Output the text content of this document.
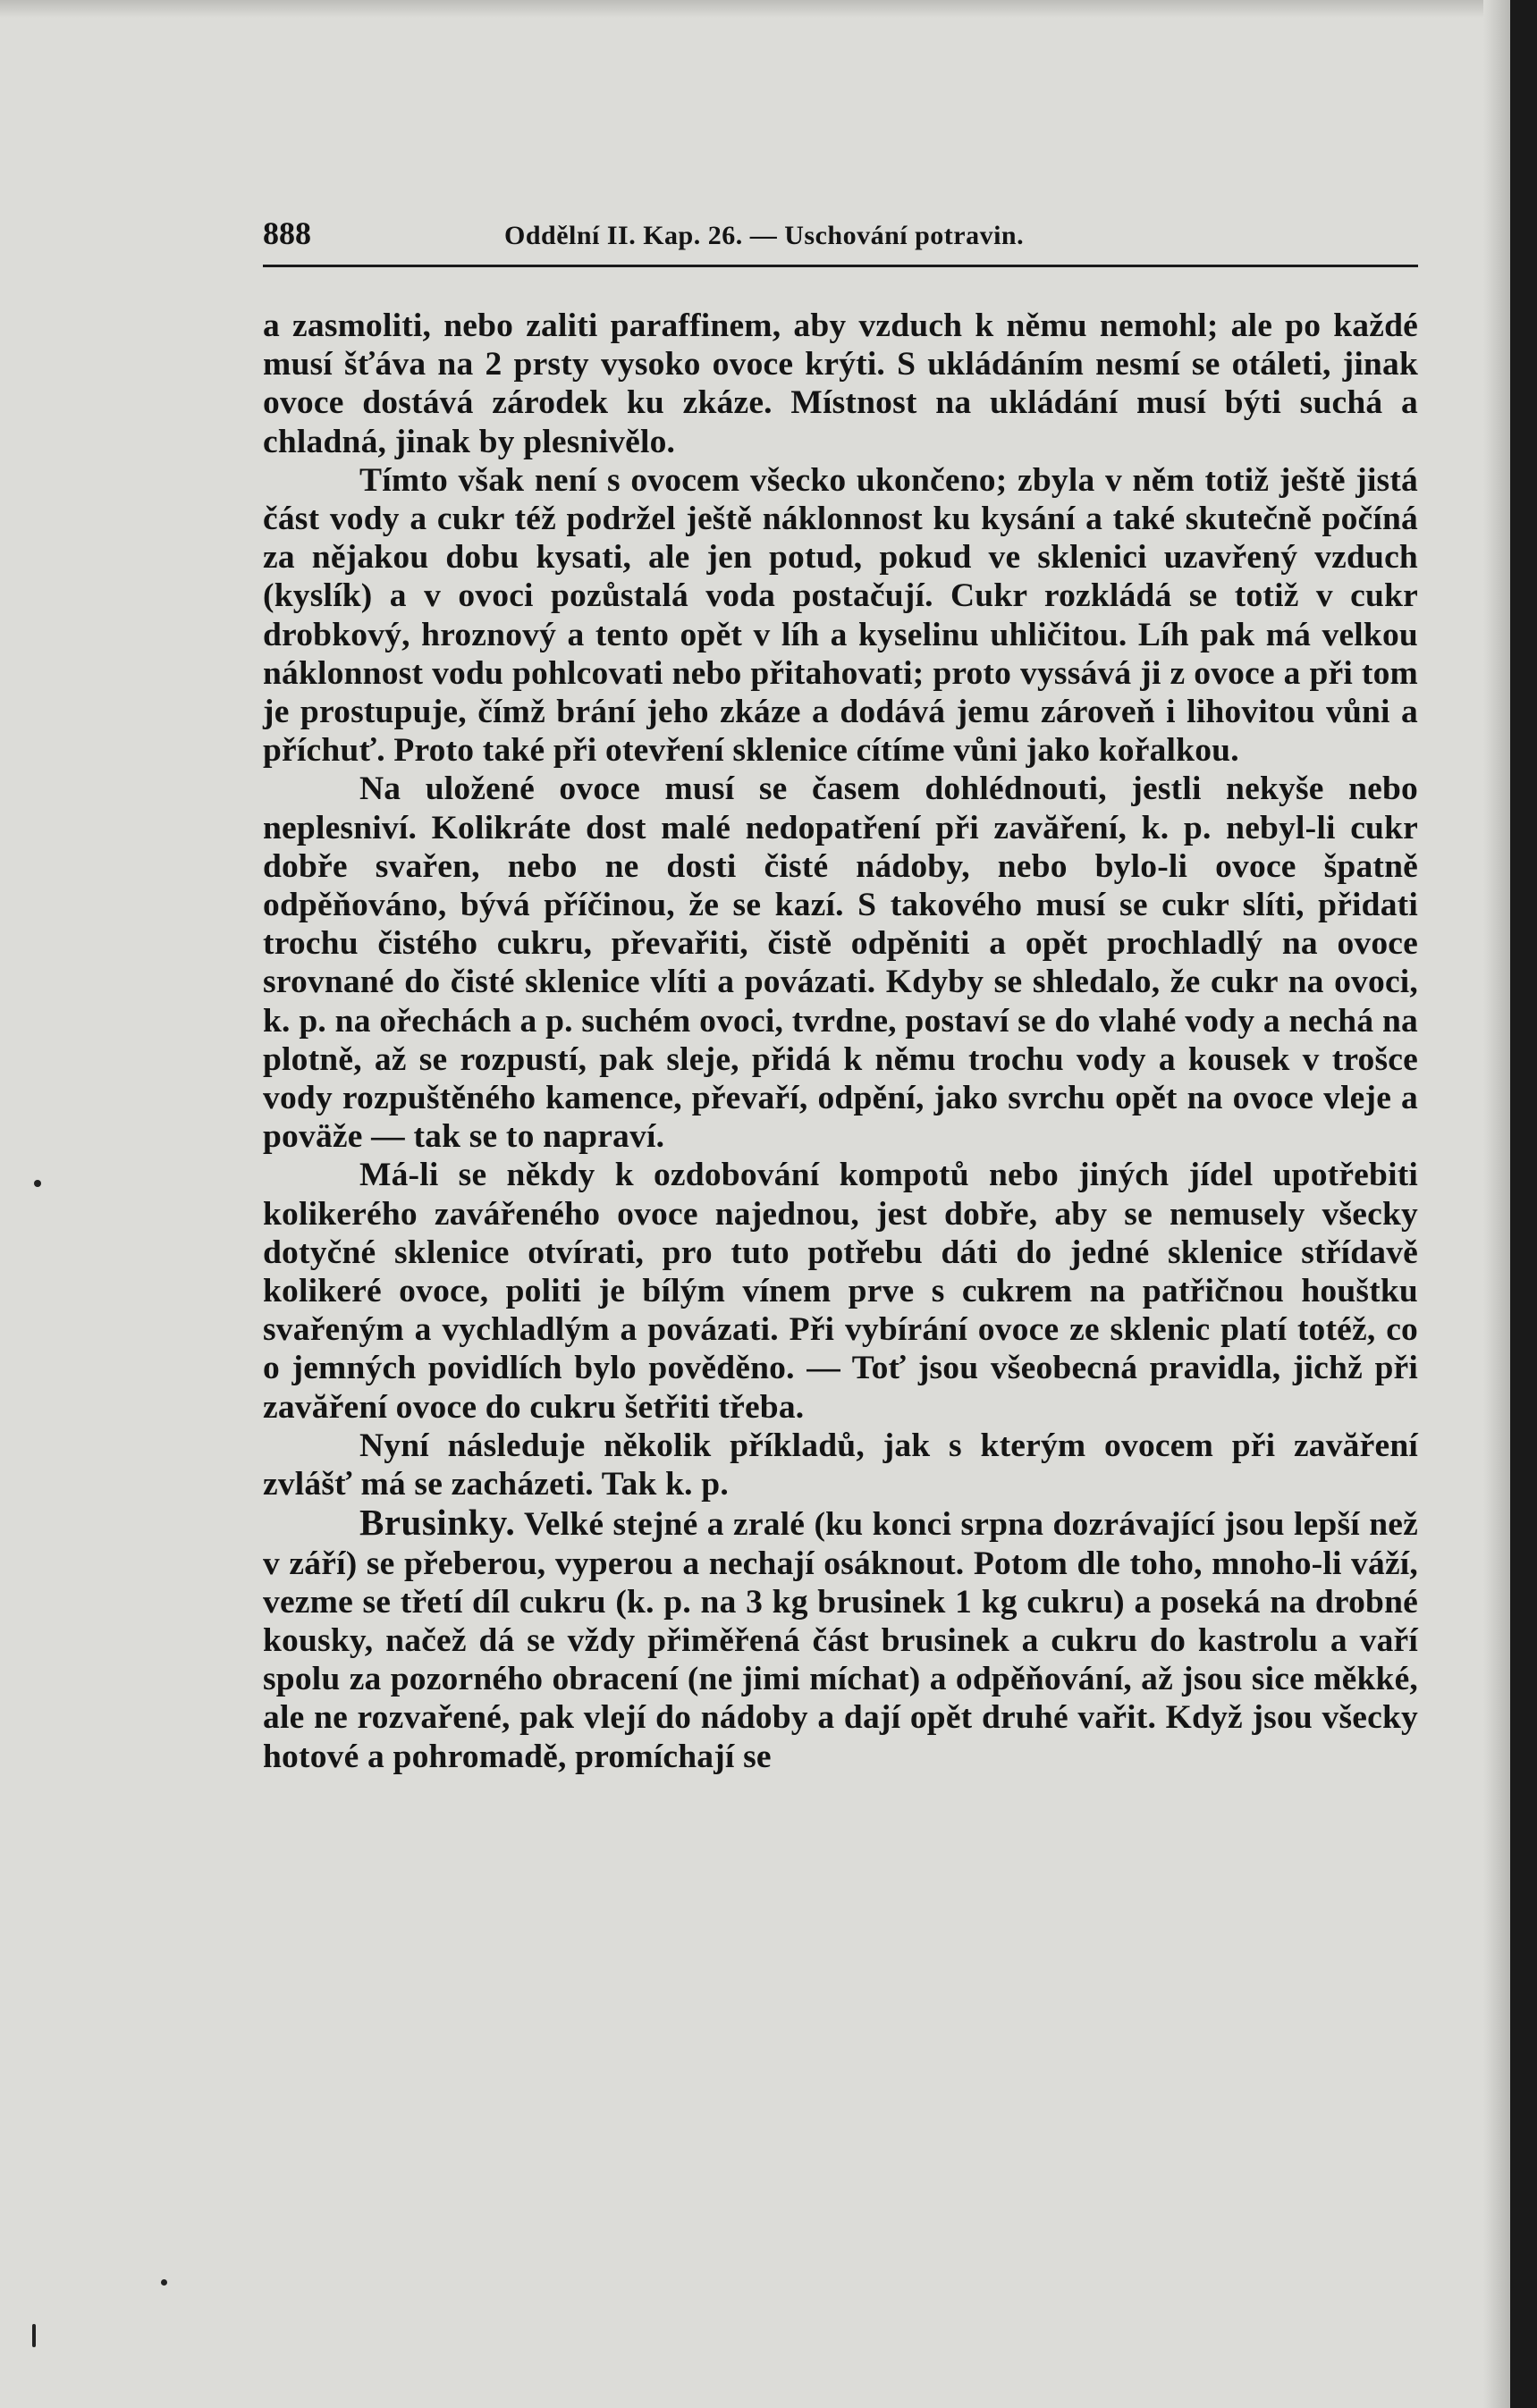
888	Oddělní II. Kap. 26. — Uschování potravin.

a zasmoliti, nebo zaliti paraffinem, aby vzduch k němu nemohl; ale po každé musí šťáva na 2 prsty vysoko ovoce krýti. S ukládáním nesmí se otáleti, jinak ovoce dostává zárodek ku zkáze. Místnost na ukládání musí býti suchá a chladná, jinak by plesnivělo.

Tímto však není s ovocem všecko ukončeno; zbyla v něm totiž ještě jistá část vody a cukr též podržel ještě náklonnost ku kysání a také skutečně počíná za nějakou dobu kysati, ale jen potud, pokud ve sklenici uzavřený vzduch (kyslík) a v ovoci pozůstalá voda postačují. Cukr rozkládá se totiž v cukr drobkový, hroznový a tento opět v líh a kyselinu uhličitou. Líh pak má velkou náklonnost vodu pohlcovati nebo přitahovati; proto vyssává ji z ovoce a při tom je prostupuje, čímž brání jeho zkáze a dodává jemu zároveň i lihovitou vůni a příchuť. Proto také při otevření sklenice cítíme vůni jako kořalkou.

Na uložené ovoce musí se časem dohlédnouti, jestli nekyše nebo neplesniví. Kolikráte dost malé nedopatření při zavăření, k. p. nebyl-li cukr dobře svařen, nebo ne dosti čisté nádoby, nebo bylo-li ovoce špatně odpěňováno, bývá příčinou, že se kazí. S takového musí se cukr slíti, přidati trochu čistého cukru, převařiti, čistě odpěniti a opět prochladlý na ovoce srovnané do čisté sklenice vlíti a povázati. Kdyby se shledalo, že cukr na ovoci, k. p. na ořechách a p. suchém ovoci, tvrdne, postaví se do vlahé vody a nechá na plotně, až se rozpustí, pak sleje, přidá k němu trochu vody a kousek v trošce vody rozpuštěného kamence, převaří, odpění, jako svrchu opět na ovoce vleje a poväže — tak se to napraví.

Má-li se někdy k ozdobování kompotů nebo jiných jídel upotřebiti kolikerého zavářeného ovoce najednou, jest dobře, aby se nemusely všecky dotyčné sklenice otvírati, pro tuto potřebu dáti do jedné sklenice střídavě kolikeré ovoce, politi je bílým vínem prve s cukrem na patřičnou houštku svařeným a vychladlým a povázati. Při vybírání ovoce ze sklenic platí totéž, co o jemných povidlích bylo pověděno. — Toť jsou všeobecná pravidla, jichž při zavăření ovoce do cukru šetřiti třeba.

Nyní následuje několik příkladů, jak s kterým ovocem při zavăření zvlášť má se zacházeti. Tak k. p.

Brusinky. Velké stejné a zralé (ku konci srpna dozrávající jsou lepší než v září) se přeberou, vyperou a nechají osáknout. Potom dle toho, mnoho-li váží, vezme se třetí díl cukru (k. p. na 3 kg brusinek 1 kg cukru) a poseká na drobné kousky, načež dá se vždy přiměřená část brusinek a cukru do kastrolu a vaří spolu za pozorného obracení (ne jimi míchat) a odpěňování, až jsou sice měkké, ale ne rozvařené, pak vlejí do nádoby a dají opět druhé vařit. Když jsou všecky hotové a pohromadě, promíchají se
